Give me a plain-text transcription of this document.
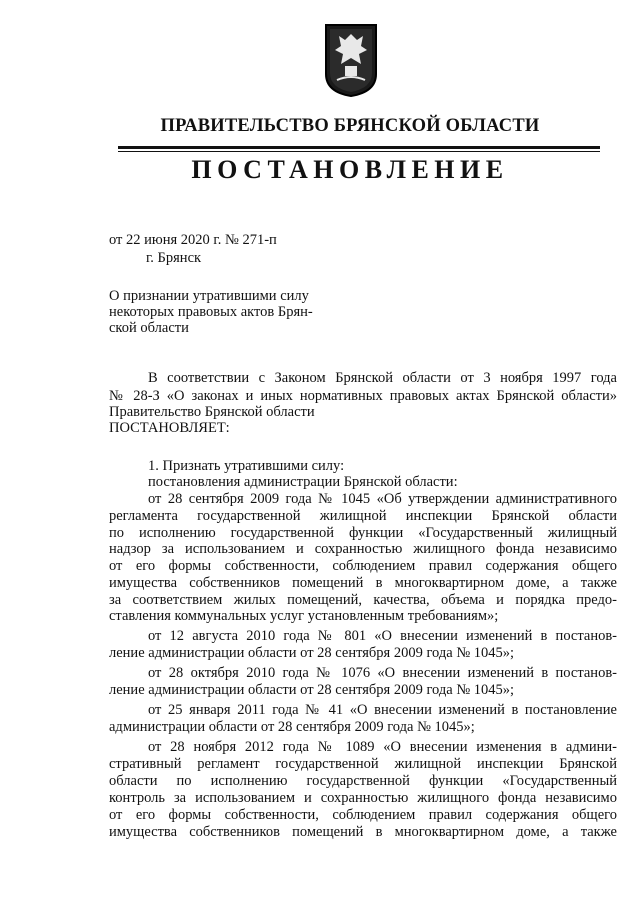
ПРАВИТЕЛЬСТВО БРЯНСКОЙ ОБЛАСТИ
ПОСТАНОВЛЕНИЕ
от 22 июня 2020 г. № 271-п
г. Брянск
О признании утратившими силу
некоторых правовых актов Брян-
ской области
В соответствии с Законом Брянской области от 3 ноября 1997 года
№ 28-З «О законах и иных нормативных правовых актах Брянской области»
Правительство Брянской области
ПОСТАНОВЛЯЕТ:
1. Признать утратившими силу:
постановления администрации Брянской области:
от 28 сентября 2009 года № 1045 «Об утверждении административного
регламента государственной жилищной инспекции Брянской области
по исполнению государственной функции «Государственный жилищный
надзор за использованием и сохранностью жилищного фонда независимо
от его формы собственности, соблюдением правил содержания общего
имущества собственников помещений в многоквартирном доме, а также
за соответствием жилых помещений, качества, объема и порядка предо-
ставления коммунальных услуг установленным требованиям»;
от 12 августа 2010 года № 801 «О внесении изменений в постанов-
ление администрации области от 28 сентября 2009 года № 1045»;
от 28 октября 2010 года № 1076 «О внесении изменений в постанов-
ление администрации области от 28 сентября 2009 года № 1045»;
от 25 января 2011 года № 41 «О внесении изменений в постановление
администрации области от 28 сентября 2009 года № 1045»;
от 28 ноября 2012 года № 1089 «О внесении изменения в админи-
стративный регламент государственной жилищной инспекции Брянской
области по исполнению государственной функции «Государственный
контроль за использованием и сохранностью жилищного фонда независимо
от его формы собственности, соблюдением правил содержания общего
имущества собственников помещений в многоквартирном доме, а также
